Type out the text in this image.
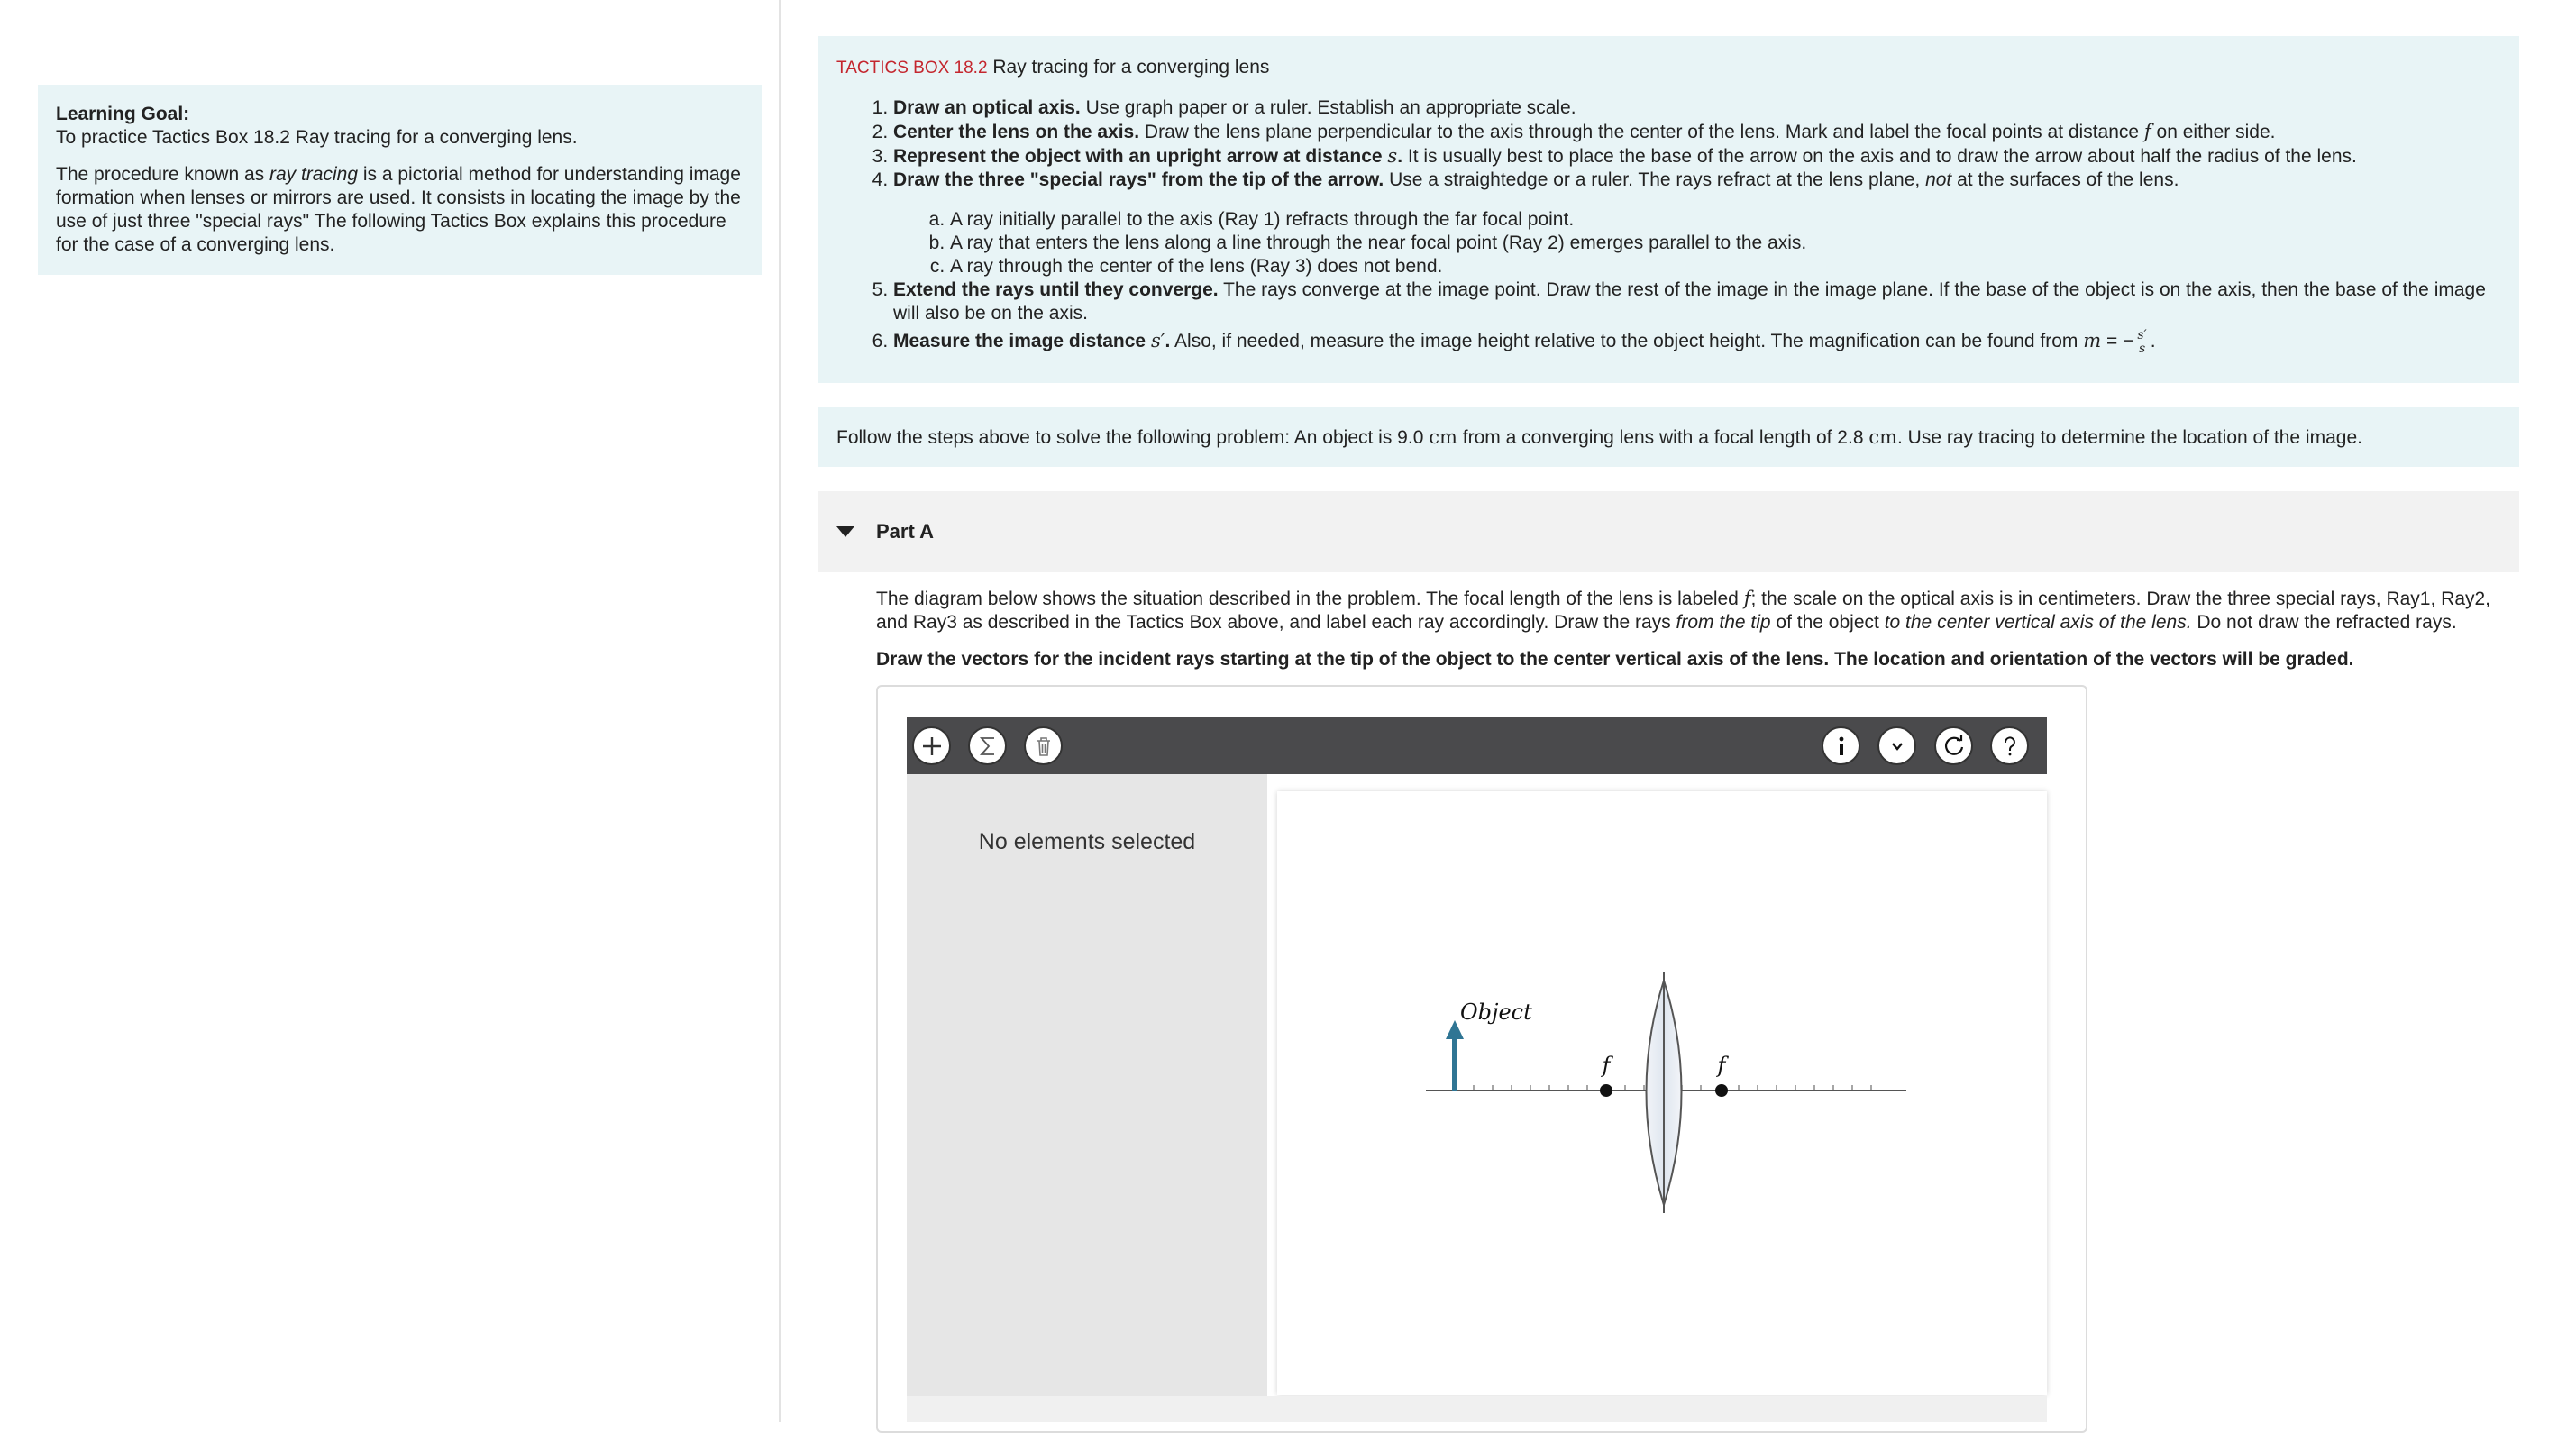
Learning Goal:
To practice Tactics Box 18.2 Ray tracing for a converging lens.

The procedure known as ray tracing is a pictorial method for understanding image formation when lenses or mirrors are used. It consists in locating the image by the use of just three "special rays" The following Tactics Box explains this procedure for the case of a converging lens.

TACTICS BOX 18.2 Ray tracing for a converging lens

1. Draw an optical axis. Use graph paper or a ruler. Establish an appropriate scale.
2. Center the lens on the axis. Draw the lens plane perpendicular to the axis through the center of the lens. Mark and label the focal points at distance f on either side.
3. Represent the object with an upright arrow at distance s. It is usually best to place the base of the arrow on the axis and to draw the arrow about half the radius of the lens.
4. Draw the three "special rays" from the tip of the arrow. Use a straightedge or a ruler. The rays refract at the lens plane, not at the surfaces of the lens.
a. A ray initially parallel to the axis (Ray 1) refracts through the far focal point.
b. A ray that enters the lens along a line through the near focal point (Ray 2) emerges parallel to the axis.
c. A ray through the center of the lens (Ray 3) does not bend.
5. Extend the rays until they converge. The rays converge at the image point. Draw the rest of the image in the image plane. If the base of the object is on the axis, then the base of the image will also be on the axis.
6. Measure the image distance s′. Also, if needed, measure the image height relative to the object height. The magnification can be found from m = − $\frac{s'}{s}$ .
Follow the steps above to solve the following problem: An object is 9.0 cm from a converging lens with a focal length of 2.8 cm. Use ray tracing to determine the location of the image.
Part A

The diagram below shows the situation described in the problem. The focal length of the lens is labeled f; the scale on the optical axis is in centimeters. Draw the three special rays, Ray1, Ray2, and Ray3 as described in the Tactics Box above, and label each ray accordingly. Draw the rays from the tip of the object to the center vertical axis of the lens. Do not draw the refracted rays.

Draw the vectors for the incident rays starting at the tip of the object to the center vertical axis of the lens. The location and orientation of the vectors will be graded.

No elements selected
f	f
Object
